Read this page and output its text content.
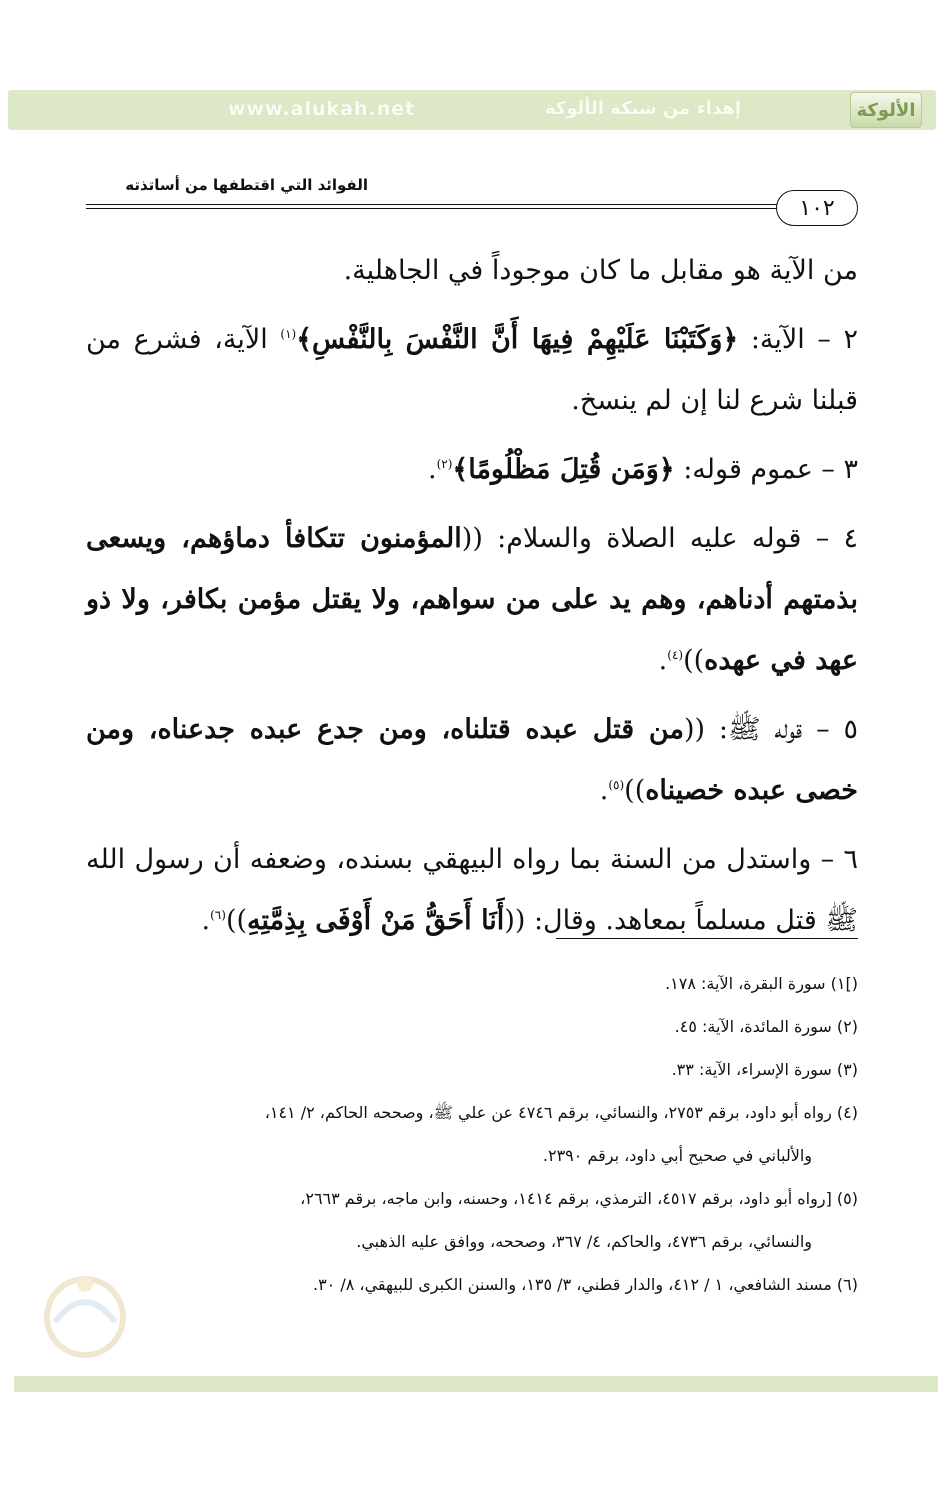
www.alukah.net	إهداء من شبكة الألوكة	الألوكة
الفوائد التي اقتطفها من أساتذته
١٠٢

من الآية هو مقابل ما كان موجوداً في الجاهلية.

٢ – الآية: ﴿وَكَتَبْنَا عَلَيْهِمْ فِيهَا أَنَّ النَّفْسَ بِالنَّفْسِ﴾$^{(١)}$ الآية، فشرع من قبلنا شرع لنا إن لم ينسخ.

٣ – عموم قوله: ﴿وَمَن قُتِلَ مَظْلُومًا﴾$^{(٢)}$.

٤ – قوله عليه الصلاة والسلام: ((المؤمنون تتكافأ دماؤهم، ويسعى بذمتهم أدناهم، وهم يد على من سواهم، ولا يقتل مؤمن بكافر، ولا ذو عهد في عهده))$^{(٤)}$.

٥ – قوله ﷺ: ((من قتل عبده قتلناه، ومن جدع عبده جدعناه، ومن خصى عبده خصيناه))$^{(٥)}$.

٦ – واستدل من السنة بما رواه البيهقي بسنده، وضعفه أن رسول الله ﷺ قتل مسلماً بمعاهد. وقال: ((أَنَا أَحَقُّ مَنْ أَوْفَى بِذِمَّتِهِ))$^{(٦)}$.

(]١) سورة البقرة، الآية: ١٧٨.

(٢) سورة المائدة، الآية: ٤٥.

(٣) سورة الإسراء، الآية: ٣٣.

(٤) رواه أبو داود، برقم ٢٧٥٣، والنسائي، برقم ٤٧٤٦ عن علي ﷺ، وصححه الحاكم، ٢/ ١٤١،

والألباني في صحيح أبي داود، برقم ٢٣٩٠.

(٥) [رواه أبو داود، برقم ٤٥١٧، الترمذي، برقم ١٤١٤، وحسنه، وابن ماجه، برقم ٢٦٦٣،

والنسائي، برقم ٤٧٣٦، والحاكم، ٤/ ٣٦٧، وصححه، ووافق عليه الذهبي.

(٦) مسند الشافعي، ١ / ٤١٢، والدار قطني، ٣/ ١٣٥، والسنن الكبرى للبيهقي، ٨/ ٣٠.
